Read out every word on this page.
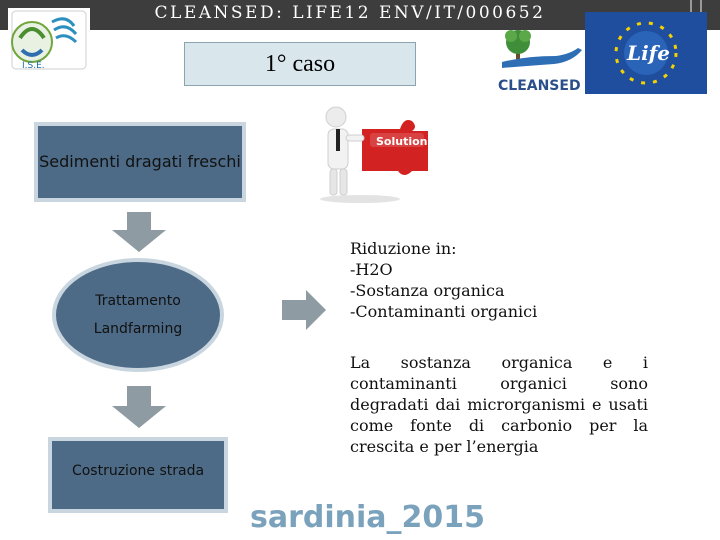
CLEANSED: LIFE12 ENV/IT/000652
I.S.E.	1° caso
CLEANSED
Life
Solution
Sedimenti dragati freschi
Trattamento
Landfarming
Costruzione strada
Riduzione in:
-H2O
-Sostanza organica
-Contaminanti organici
La sostanza organica e i contaminanti organici sono degradati dai microrganismi e usati come fonte di carbonio per la crescita e per l’energia
sardinia_2015
